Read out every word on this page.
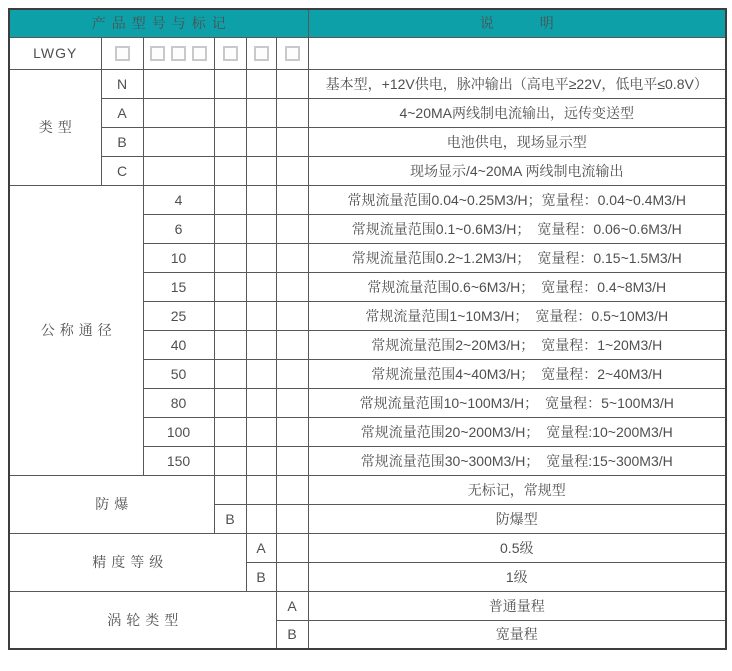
产品型号与标记						说　　明
LWGY						
类型	N					基本型，+12V供电，脉冲输出（高电平≥22V，低电平≤0.8V）
	A					4~20MA两线制电流输出，远传变送型
	B					电池供电，现场显示型
	C					现场显示/4~20MA 两线制电流输出
公称通径		4				常规流量范围0.04~0.25M3/H；宽量程：0.04~0.4M3/H
		6				常规流量范围0.1~0.6M3/H；　宽量程：0.06~0.6M3/H
		10				常规流量范围0.2~1.2M3/H；　宽量程：0.15~1.5M3/H
		15				常规流量范围0.6~6M3/H；　宽量程：0.4~8M3/H
		25				常规流量范围1~10M3/H；　宽量程：0.5~10M3/H
		40				常规流量范围2~20M3/H；　宽量程：1~20M3/H
		50				常规流量范围4~40M3/H；　宽量程：2~40M3/H
		80				常规流量范围10~100M3/H；　宽量程：5~100M3/H
		100				常规流量范围20~200M3/H；　宽量程:10~200M3/H
		150				常规流量范围30~300M3/H；　宽量程:15~300M3/H
防爆						无标记，常规型
			B			防爆型
精度等级				A		0.5级
				B		1级
涡轮类型					A	普通量程
					B	宽量程
